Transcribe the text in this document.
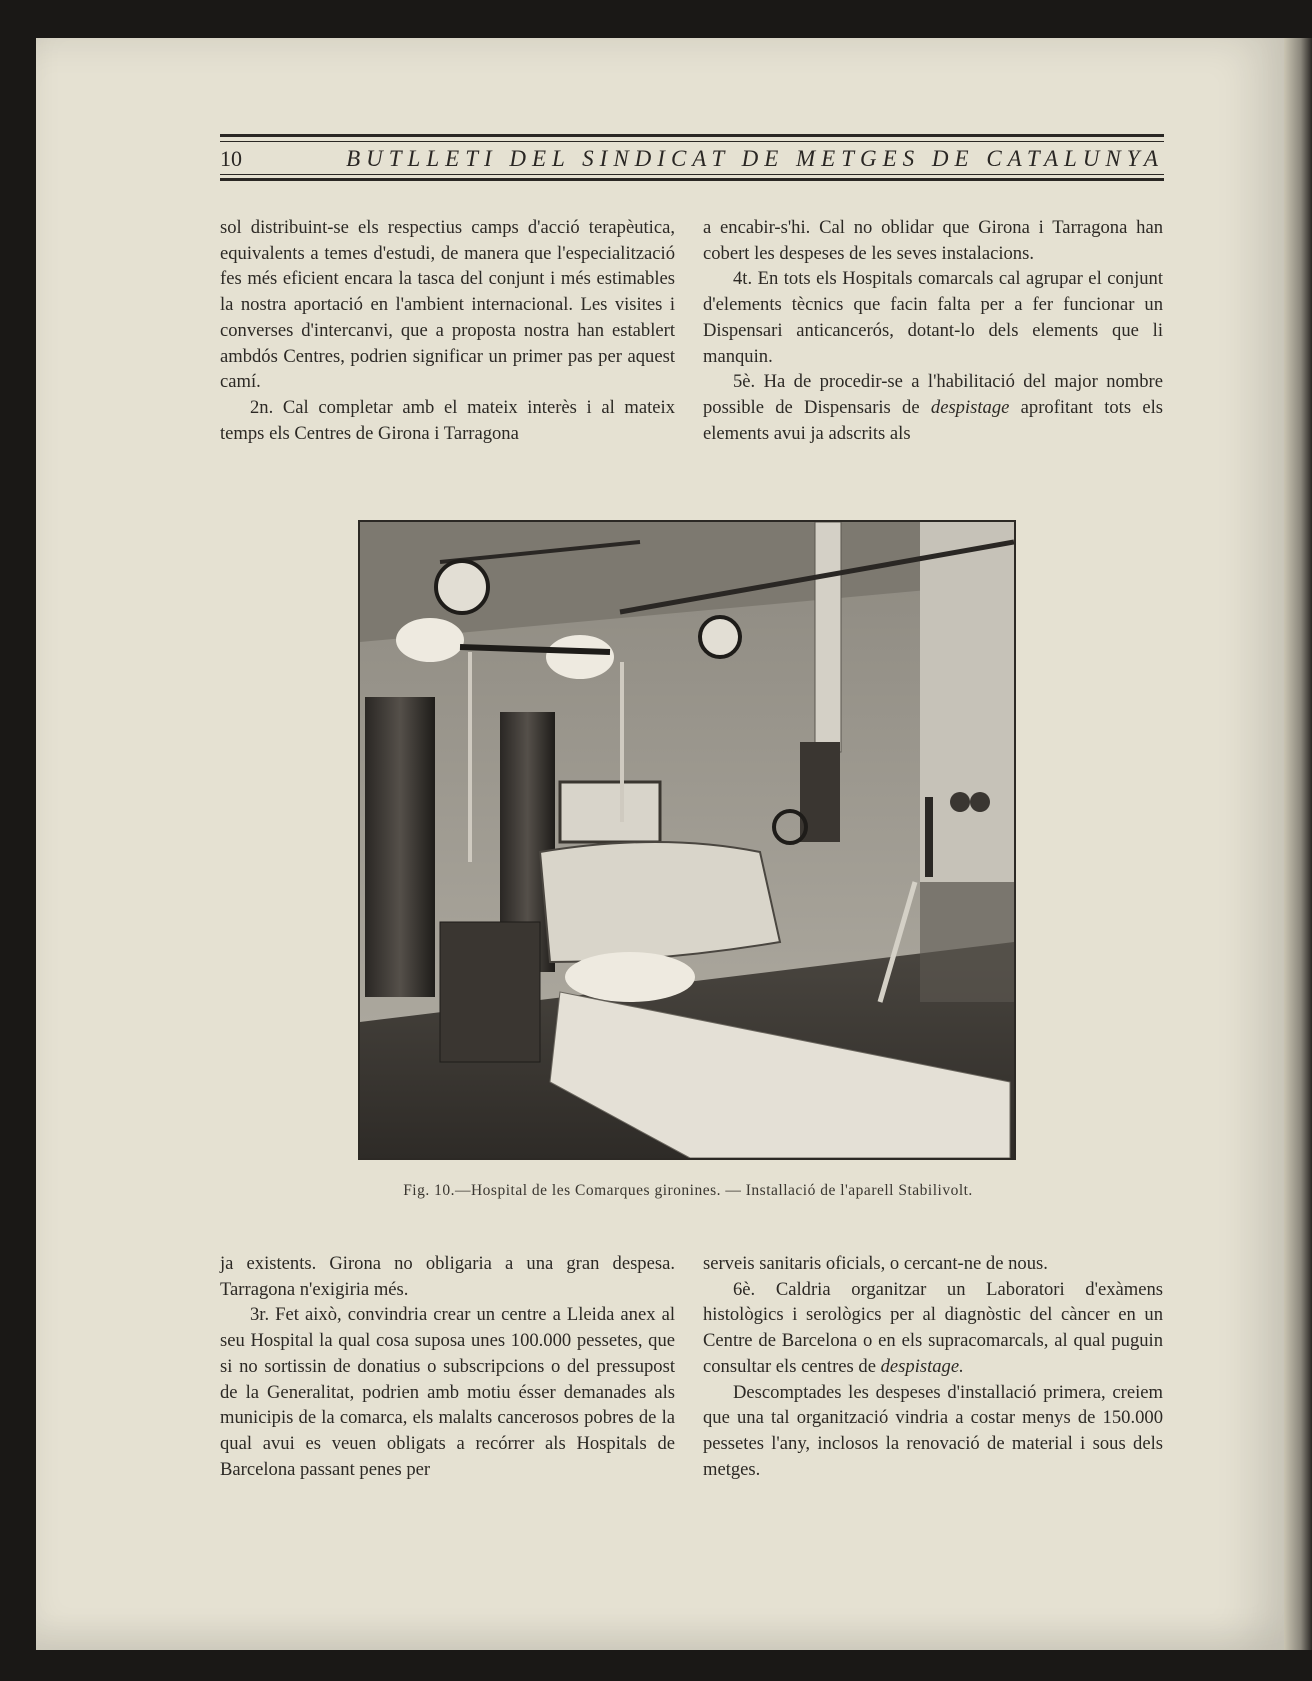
10	BUTLLETI DEL SINDICAT DE METGES DE CATALUNYA

sol distribuint-se els respectius camps d'acció terapèutica, equivalents a temes d'estudi, de manera que l'especialització fes més eficient encara la tasca del conjunt i més estimables la nostra aportació en l'ambient internacional. Les visites i converses d'intercanvi, que a proposta nostra han establert ambdós Centres, podrien significar un primer pas per aquest camí.

2n. Cal completar amb el mateix interès i al mateix temps els Centres de Girona i Tarragona

a encabir-s'hi. Cal no oblidar que Girona i Tarragona han cobert les despeses de les seves instalacions.

4t. En tots els Hospitals comarcals cal agrupar el conjunt d'elements tècnics que facin falta per a fer funcionar un Dispensari anticancerós, dotant-lo dels elements que li manquin.

5è. Ha de procedir-se a l'habilitació del major nombre possible de Dispensaris de despistage aprofitant tots els elements avui ja adscrits als

Fig. 10.—Hospital de les Comarques gironines. — Installació de l'aparell Stabilivolt.

ja existents. Girona no obligaria a una gran despesa. Tarragona n'exigiria més.

3r. Fet això, convindria crear un centre a Lleida anex al seu Hospital la qual cosa suposa unes 100.000 pessetes, que si no sortissin de donatius o subscripcions o del pressupost de la Generalitat, podrien amb motiu ésser demanades als municipis de la comarca, els malalts cancerosos pobres de la qual avui es veuen obligats a recórrer als Hospitals de Barcelona passant penes per

serveis sanitaris oficials, o cercant-ne de nous.

6è. Caldria organitzar un Laboratori d'exàmens histològics i serològics per al diagnòstic del càncer en un Centre de Barcelona o en els supracomarcals, al qual puguin consultar els centres de despistage.

Descomptades les despeses d'installació primera, creiem que una tal organització vindria a costar menys de 150.000 pessetes l'any, inclosos la renovació de material i sous dels metges.
